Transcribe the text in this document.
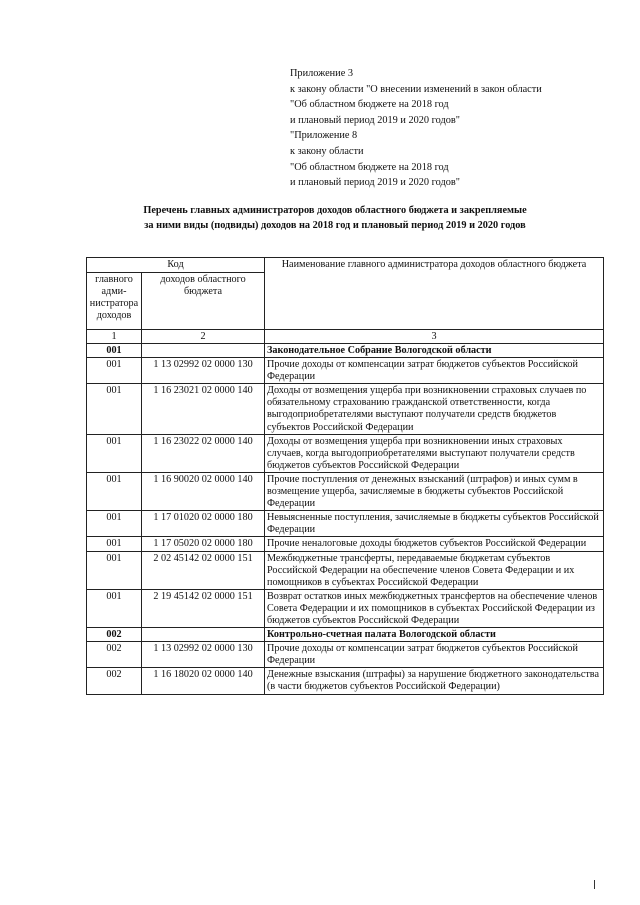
Приложение 3
к закону области "О внесении изменений в закон области
"Об областном бюджете на 2018 год
и плановый период 2019 и 2020 годов"
"Приложение 8
к закону области
"Об областном бюджете на 2018 год
и плановый период 2019 и 2020 годов"
Перечень главных администраторов доходов областного бюджета и закрепляемые
за ними виды (подвиды) доходов на 2018 год и плановый период 2019 и 2020 годов
Код		Наименование главного администратора доходов областного бюджета
главного адми-нистратора доходов	доходов областного бюджета	
1	2	3
001		Законодательное Собрание Вологодской области
001	1 13 02992 02 0000 130	Прочие доходы от компенсации затрат бюджетов субъектов Российской Федерации
001	1 16 23021 02 0000 140	Доходы от возмещения ущерба при возникновении страховых случаев по обязательному страхованию гражданской ответственности, когда выгодоприобретателями выступают получатели средств бюджетов субъектов Российской Федерации
001	1 16 23022 02 0000 140	Доходы от возмещения ущерба при возникновении иных страховых случаев, когда выгодоприобретателями выступают получатели средств бюджетов субъектов Российской Федерации
001	1 16 90020 02 0000 140	Прочие поступления от денежных взысканий (штрафов) и иных сумм в возмещение ущерба, зачисляемые в бюджеты субъектов Российской Федерации
001	1 17 01020 02 0000 180	Невыясненные поступления, зачисляемые в бюджеты субъектов Российской Федерации
001	1 17 05020 02 0000 180	Прочие неналоговые доходы бюджетов субъектов Российской Федерации
001	2 02 45142 02 0000 151	Межбюджетные трансферты, передаваемые бюджетам субъектов Российской Федерации на обеспечение членов Совета Федерации и их помощников в субъектах Российской Федерации
001	2 19 45142 02 0000 151	Возврат остатков иных межбюджетных трансфертов на обеспечение членов Совета Федерации и их помощников в субъектах Российской Федерации из бюджетов субъектов Российской Федерации
002		Контрольно-счетная палата Вологодской области
002	1 13 02992 02 0000 130	Прочие доходы от компенсации затрат бюджетов субъектов Российской Федерации
002	1 16 18020 02 0000 140	Денежные взыскания (штрафы) за нарушение бюджетного законодательства (в части бюджетов субъектов Российской Федерации)
